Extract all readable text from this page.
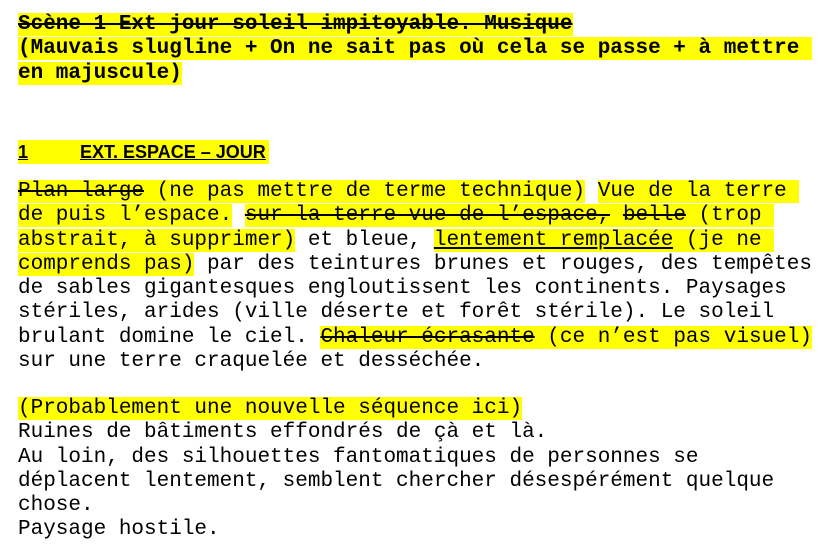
Scène 1 Ext jour soleil impitoyable. Musique
(Mauvais slugline + On ne sait pas où cela se passe + à mettre en majuscule)
1	EXT. ESPACE – JOUR
Plan large (ne pas mettre de terme technique) Vue de la terre de puis l’espace. sur la terre vue de l’espace, belle (trop abstrait, à supprimer) et bleue, lentement remplacée (je ne comprends pas) par des teintures brunes et rouges, des tempêtes de sables gigantesques engloutissent les continents. Paysages stériles, arides (ville déserte et forêt stérile). Le soleil brulant domine le ciel. Chaleur écrasante (ce n’est pas visuel) sur une terre craquelée et desséchée.
(Probablement une nouvelle séquence ici)
Ruines de bâtiments effondrés de çà et là.
Au loin, des silhouettes fantomatiques de personnes se déplacent lentement, semblent chercher désespérément quelque chose.
Paysage hostile.
